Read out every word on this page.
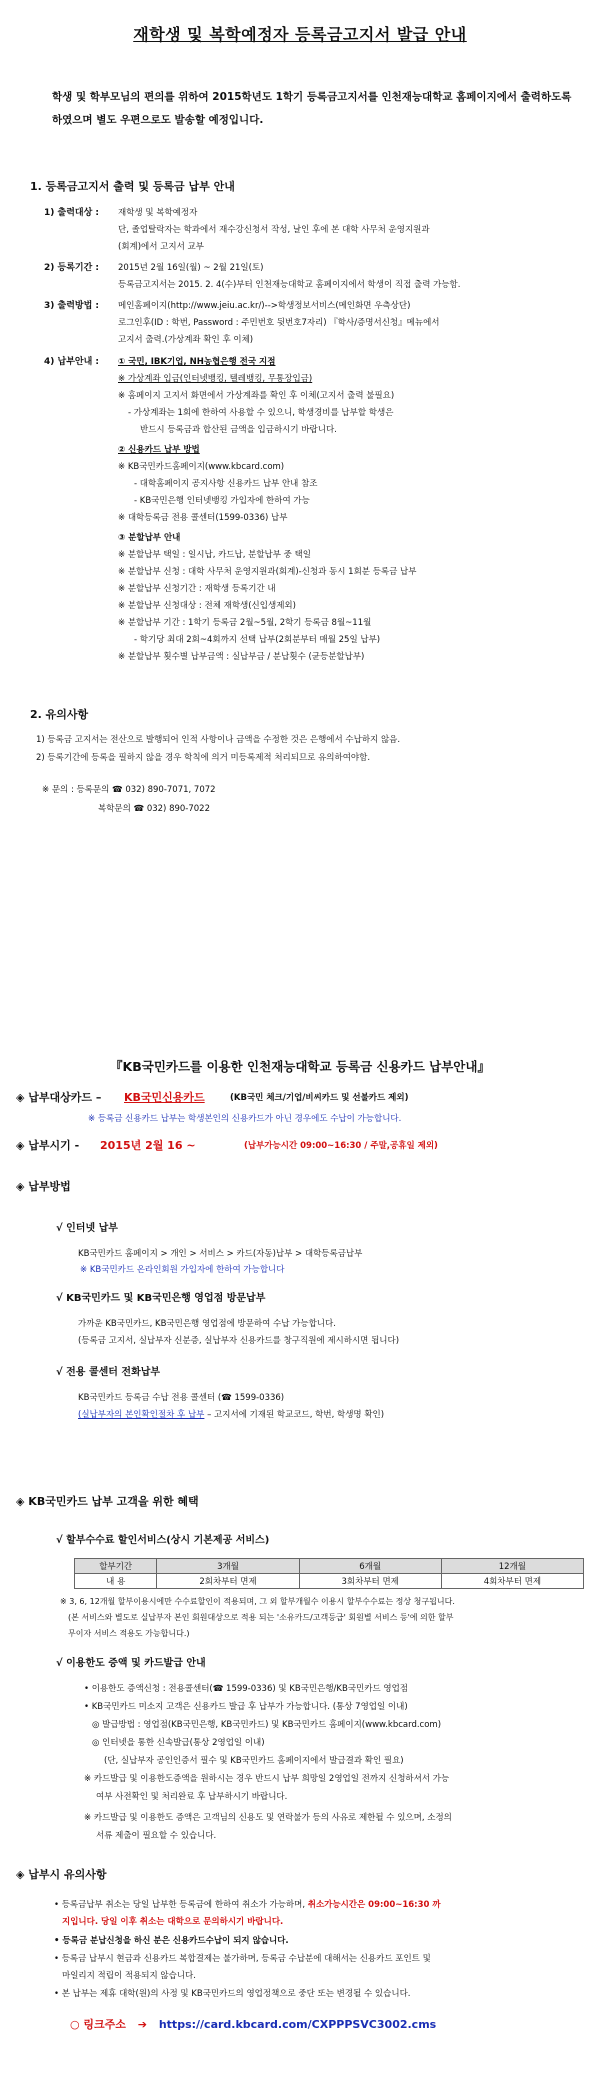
재학생 및 복학예정자 등록금고지서 발급 안내
학생 및 학부모님의 편의를 위하여 2015학년도 1학기 등록금고지서를 인천재능대학교 홈페이지에서 출력하도록 하였으며 별도 우편으로도 발송할 예정입니다.
1. 등록금고지서 출력 및 등록금 납부 안내
1) 출력대상 : 재학생 및 복학예정자
단, 졸업탈락자는 학과에서 재수강신청서 작성, 날인 후에 본 대학 사무처 운영지원과
(회계)에서 고지서 교부
2) 등록기간 : 2015년 2월 16일(월) ~ 2월 21일(토)
등록금고지서는 2015. 2. 4(수)부터 인천재능대학교 홈페이지에서 학생이 직접 출력 가능함.
3) 출력방법 : 메인홈페이지(http://www.jeiu.ac.kr/)-->학생정보서비스(메인화면 우측상단)
로그인후(ID : 학번, Password : 주민번호 뒷번호7자리) 『학사/증명서신청』메뉴에서
고지서 출력.(가상계좌 확인 후 이체)
4) 납부안내 : ① 국민, IBK기업, NH농협은행 전국 지점
※ 가상계좌 입금(인터넷뱅킹, 텔레뱅킹, 무통장입금)
※ 홈페이지 고지서 화면에서 가상계좌를 확인 후 이체(고지서 출력 불필요)
- 가상계좌는 1회에 한하여 사용할 수 있으니, 학생경비를 납부할 학생은
반드시 등록금과 합산된 금액을 입금하시기 바랍니다.
② 신용카드 납부 방법
※ KB국민카드홈페이지(www.kbcard.com)
- 대학홈페이지 공지사항 신용카드 납부 안내 참조
- KB국민은행 인터넷뱅킹 가입자에 한하여 가능
※ 대학등록금 전용 콜센터(1599-0336) 납부
③ 분할납부 안내
※ 분할납부 택일 : 일시납, 카드납, 분할납부 중 택일
※ 분할납부 신청 : 대학 사무처 운영지원과(회계)-신청과 동시 1회분 등록금 납부
※ 분할납부 신청기간 : 재학생 등록기간 내
※ 분할납부 신청대상 : 전체 재학생(신입생제외)
※ 분할납부 기간 : 1학기 등록금 2월~5월, 2학기 등록금 8월~11월
- 학기당 최대 2회~4회까지 선택 납부(2회분부터 매월 25일 납부)
※ 분할납부 횟수별 납부금액 : 실납부금 / 분납횟수 (균등분할납부)
2. 유의사항
1) 등록금 고지서는 전산으로 발행되어 인적 사항이나 금액을 수정한 것은 은행에서 수납하지 않음.
2) 등록기간에 등록을 필하지 않을 경우 학칙에 의거 미등록제적 처리되므로 유의하여야함.
※ 문의 : 등록문의 ☎ 032) 890-7071, 7072
복학문의 ☎ 032) 890-7022
『KB국민카드를 이용한 인천재능대학교 등록금 신용카드 납부안내』
◈ 납부대상카드 – KB국민신용카드	(KB국민 체크/기업/비씨카드 및 선불카드 제외)
※ 등록금 신용카드 납부는 학생본인의 신용카드가 아닌 경우에도 수납이 가능합니다.
◈ 납부시기 - 2015년 2월 16 ~	(납부가능시간 09:00~16:30 / 주말,공휴일 제외)
◈ 납부방법
√ 인터넷 납부
KB국민카드 홈페이지 > 개인 > 서비스 > 카드(자동)납부 > 대학등록금납부
※ KB국민카드 온라인회원 가입자에 한하여 가능합니다
√ KB국민카드 및 KB국민은행 영업점 방문납부
가까운 KB국민카드, KB국민은행 영업점에 방문하여 수납 가능합니다.
(등록금 고지서, 실납부자 신분증, 실납부자 신용카드를 창구직원에 제시하시면 됩니다)
√ 전용 콜센터 전화납부
KB국민카드 등록금 수납 전용 콜센터 (☎ 1599-0336)
(실납부자의 본인확인절차 후 납부 – 고지서에 기재된 학교코드, 학번, 학생명 확인)
◈ KB국민카드 납부 고객을 위한 혜택
√ 할부수수료 할인서비스(상시 기본제공 서비스)
할부기간	3개월	6개월	12개월
내 용	2회차부터 면제	3회차부터 면제	4회차부터 면제
※ 3, 6, 12개월 할부이용시에만 수수료할인이 적용되며, 그 외 할부개월수 이용시 할부수수료는 정상 청구됩니다.
(본 서비스와 별도로 실납부자 본인 회원대상으로 적용 되는 '소유카드/고객등급' 회원별 서비스 등'에 의한 할부
무이자 서비스 적용도 가능합니다.)
√ 이용한도 증액 및 카드발급 안내
• 이용한도 증액신청 : 전용콜센터(☎ 1599-0336) 및 KB국민은행/KB국민카드 영업점
• KB국민카드 미소지 고객은 신용카드 발급 후 납부가 가능합니다. (통상 7영업일 이내)
◎ 발급방법 : 영업점(KB국민은행, KB국민카드) 및 KB국민카드 홈페이지(www.kbcard.com)
◎ 인터넷을 통한 신속발급(통상 2영업일 이내)
(단, 실납부자 공인인증서 필수 및 KB국민카드 홈페이지에서 발급결과 확인 필요)
※ 카드발급 및 이용한도증액을 원하시는 경우 반드시 납부 희망일 2영업일 전까지 신청하셔서 가능
여부 사전확인 및 처리완료 후 납부하시기 바랍니다.
※ 카드발급 및 이용한도 증액은 고객님의 신용도 및 연락불가 등의 사유로 제한될 수 있으며, 소정의
서류 제출이 필요할 수 있습니다.
◈ 납부시 유의사항
• 등록금납부 취소는 당일 납부한 등록금에 한하여 취소가 가능하며, 취소가능시간은 09:00~16:30 까
지입니다. 당일 이후 취소는 대학으로 문의하시기 바랍니다.
• 등록금 분납신청을 하신 분은 신용카드수납이 되지 않습니다.
• 등록금 납부시 현금과 신용카드 복합결제는 불가하며, 등록금 수납분에 대해서는 신용카드 포인트 및
마일리지 적립이 적용되지 않습니다.
• 본 납부는 제휴 대학(원)의 사정 및 KB국민카드의 영업정책으로 중단 또는 변경될 수 있습니다.
○ 링크주소 ➔ https://card.kbcard.com/CXPPPSVC3002.cms
